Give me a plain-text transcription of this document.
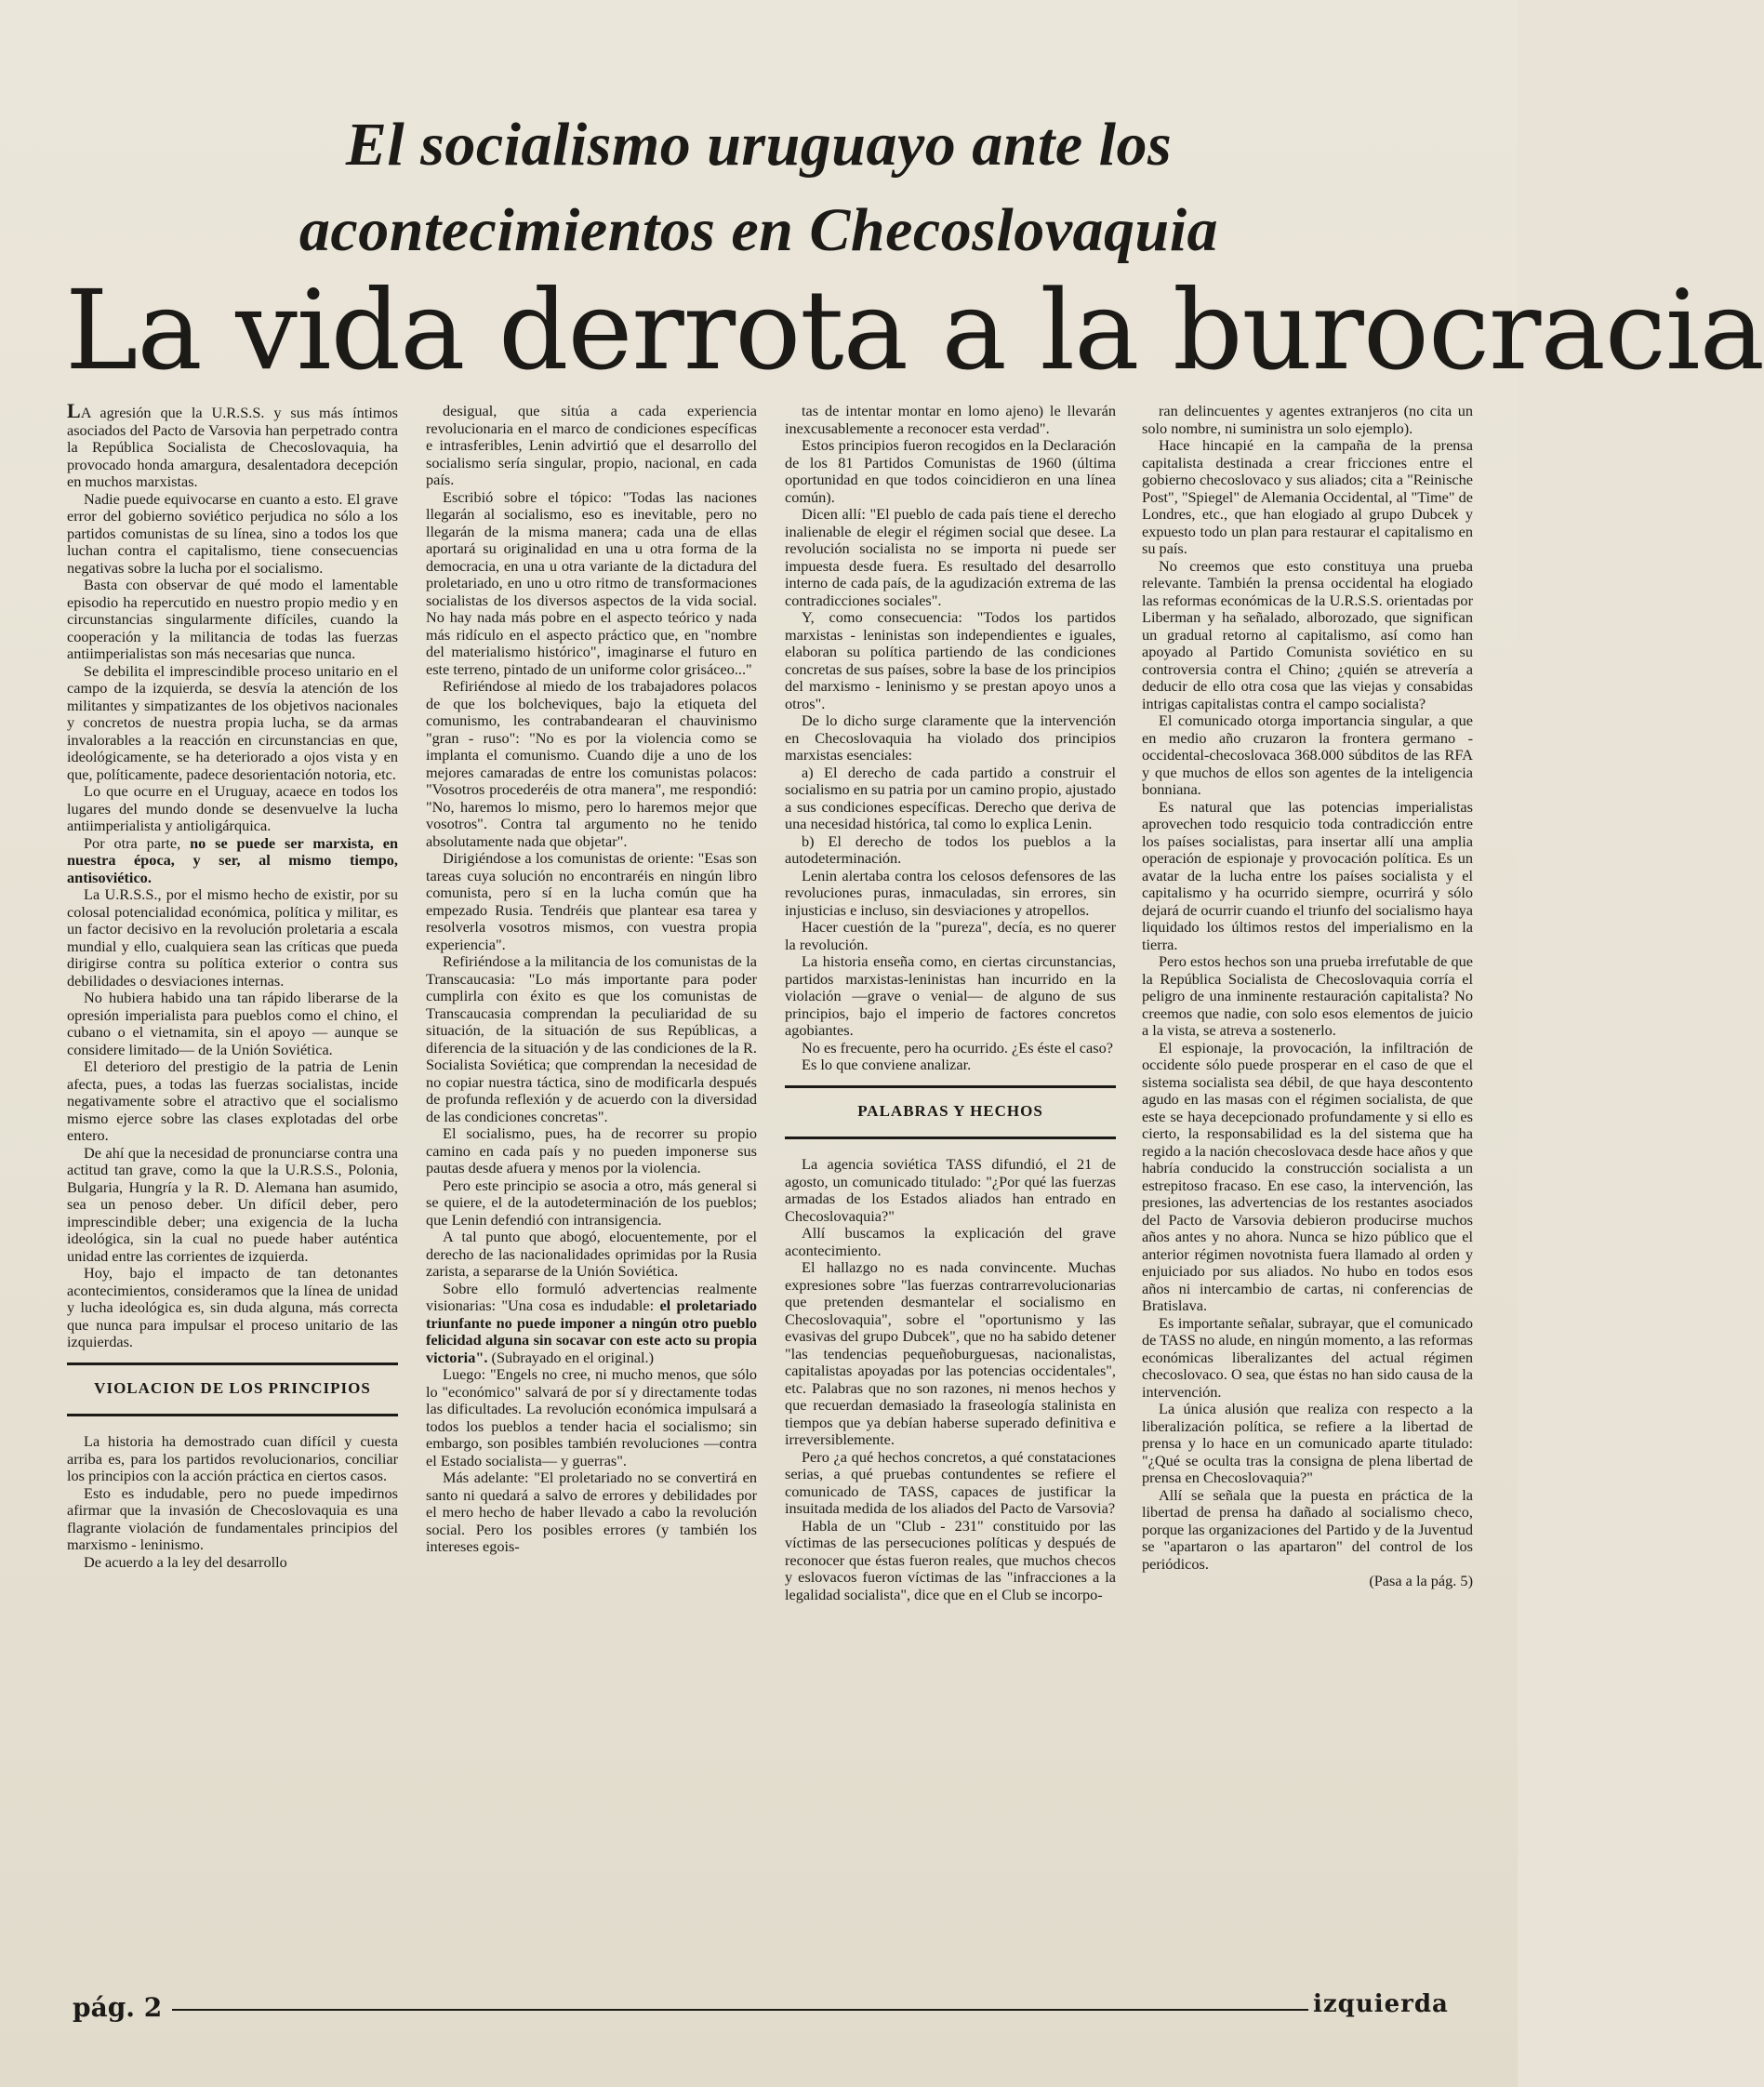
El socialismo uruguayo ante los
acontecimientos en Checoslovaquia
La vida derrota a la burocracia

LA agresión que la U.R.S.S. y sus más íntimos asociados del Pacto de Varsovia han perpetrado contra la República Socialista de Checoslovaquia, ha provocado honda amargura, desalentadora decepción en muchos marxistas.

Nadie puede equivocarse en cuanto a esto. El grave error del gobierno soviético perjudica no sólo a los partidos comunistas de su línea, sino a todos los que luchan contra el capitalismo, tiene consecuencias negativas sobre la lucha por el socialismo.

Basta con observar de qué modo el lamentable episodio ha repercutido en nuestro propio medio y en circunstancias singularmente difíciles, cuando la cooperación y la militancia de todas las fuerzas antiimperialistas son más necesarias que nunca.

Se debilita el imprescindible proceso unitario en el campo de la izquierda, se desvía la atención de los militantes y simpatizantes de los objetivos nacionales y concretos de nuestra propia lucha, se da armas invalorables a la reacción en circunstancias en que, ideológicamente, se ha deteriorado a ojos vista y en que, políticamente, padece desorientación notoria, etc.

Lo que ocurre en el Uruguay, acaece en todos los lugares del mundo donde se desenvuelve la lucha antiimperialista y antioligárquica.

Por otra parte, no se puede ser marxista, en nuestra época, y ser, al mismo tiempo, antisoviético.

La U.R.S.S., por el mismo hecho de existir, por su colosal potencialidad económica, política y militar, es un factor decisivo en la revolución proletaria a escala mundial y ello, cualquiera sean las críticas que pueda dirigirse contra su política exterior o contra sus debilidades o desviaciones internas.

No hubiera habido una tan rápido liberarse de la opresión imperialista para pueblos como el chino, el cubano o el vietnamita, sin el apoyo — aunque se considere limitado— de la Unión Soviética.

El deterioro del prestigio de la patria de Lenin afecta, pues, a todas las fuerzas socialistas, incide negativamente sobre el atractivo que el socialismo mismo ejerce sobre las clases explotadas del orbe entero.

De ahí que la necesidad de pronunciarse contra una actitud tan grave, como la que la U.R.S.S., Polonia, Bulgaria, Hungría y la R. D. Alemana han asumido, sea un penoso deber. Un difícil deber, pero imprescindible deber; una exigencia de la lucha ideológica, sin la cual no puede haber auténtica unidad entre las corrientes de izquierda.

Hoy, bajo el impacto de tan detonantes acontecimientos, consideramos que la línea de unidad y lucha ideológica es, sin duda alguna, más correcta que nunca para impulsar el proceso unitario de las izquierdas.

VIOLACION DE LOS PRINCIPIOS

La historia ha demostrado cuan difícil y cuesta arriba es, para los partidos revolucionarios, conciliar los principios con la acción práctica en ciertos casos.

Esto es indudable, pero no puede impedirnos afirmar que la invasión de Checoslovaquia es una flagrante violación de fundamentales principios del marxismo - leninismo.

De acuerdo a la ley del desarrollo

desigual, que sitúa a cada experiencia revolucionaria en el marco de condiciones específicas e intrasferibles, Lenin advirtió que el desarrollo del socialismo sería singular, propio, nacional, en cada país.

Escribió sobre el tópico: "Todas las naciones llegarán al socialismo, eso es inevitable, pero no llegarán de la misma manera; cada una de ellas aportará su originalidad en una u otra forma de la democracia, en una u otra variante de la dictadura del proletariado, en uno u otro ritmo de transformaciones socialistas de los diversos aspectos de la vida social. No hay nada más pobre en el aspecto teórico y nada más ridículo en el aspecto práctico que, en "nombre del materialismo histórico", imaginarse el futuro en este terreno, pintado de un uniforme color grisáceo..."

Refiriéndose al miedo de los trabajadores polacos de que los bolcheviques, bajo la etiqueta del comunismo, les contrabandearan el chauvinismo "gran - ruso": "No es por la violencia como se implanta el comunismo. Cuando dije a uno de los mejores camaradas de entre los comunistas polacos: "Vosotros procederéis de otra manera", me respondió: "No, haremos lo mismo, pero lo haremos mejor que vosotros". Contra tal argumento no he tenido absolutamente nada que objetar".

Dirigiéndose a los comunistas de oriente: "Esas son tareas cuya solución no encontraréis en ningún libro comunista, pero sí en la lucha común que ha empezado Rusia. Tendréis que plantear esa tarea y resolverla vosotros mismos, con vuestra propia experiencia".

Refiriéndose a la militancia de los comunistas de la Transcaucasia: "Lo más importante para poder cumplirla con éxito es que los comunistas de Transcaucasia comprendan la peculiaridad de su situación, de la situación de sus Repúblicas, a diferencia de la situación y de las condiciones de la R. Socialista Soviética; que comprendan la necesidad de no copiar nuestra táctica, sino de modificarla después de profunda reflexión y de acuerdo con la diversidad de las condiciones concretas".

El socialismo, pues, ha de recorrer su propio camino en cada país y no pueden imponerse sus pautas desde afuera y menos por la violencia.

Pero este principio se asocia a otro, más general si se quiere, el de la autodeterminación de los pueblos; que Lenin defendió con intransigencia.

A tal punto que abogó, elocuentemente, por el derecho de las nacionalidades oprimidas por la Rusia zarista, a separarse de la Unión Soviética.

Sobre ello formuló advertencias realmente visionarias: "Una cosa es indudable: el proletariado triunfante no puede imponer a ningún otro pueblo felicidad alguna sin socavar con este acto su propia victoria". (Subrayado en el original.)

Luego: "Engels no cree, ni mucho menos, que sólo lo "económico" salvará de por sí y directamente todas las dificultades. La revolución económica impulsará a todos los pueblos a tender hacia el socialismo; sin embargo, son posibles también revoluciones —contra el Estado socialista— y guerras".

Más adelante: "El proletariado no se convertirá en santo ni quedará a salvo de errores y debilidades por el mero hecho de haber llevado a cabo la revolución social. Pero los posibles errores (y también los intereses egois-

tas de intentar montar en lomo ajeno) le llevarán inexcusablemente a reconocer esta verdad".

Estos principios fueron recogidos en la Declaración de los 81 Partidos Comunistas de 1960 (última oportunidad en que todos coincidieron en una línea común).

Dicen allí: "El pueblo de cada país tiene el derecho inalienable de elegir el régimen social que desee. La revolución socialista no se importa ni puede ser impuesta desde fuera. Es resultado del desarrollo interno de cada país, de la agudización extrema de las contradicciones sociales".

Y, como consecuencia: "Todos los partidos marxistas - leninistas son independientes e iguales, elaboran su política partiendo de las condiciones concretas de sus países, sobre la base de los principios del marxismo - leninismo y se prestan apoyo unos a otros".

De lo dicho surge claramente que la intervención en Checoslovaquia ha violado dos principios marxistas esenciales:

a) El derecho de cada partido a construir el socialismo en su patria por un camino propio, ajustado a sus condiciones específicas. Derecho que deriva de una necesidad histórica, tal como lo explica Lenin.

b) El derecho de todos los pueblos a la autodeterminación.

Lenin alertaba contra los celosos defensores de las revoluciones puras, inmaculadas, sin errores, sin injusticias e incluso, sin desviaciones y atropellos.

Hacer cuestión de la "pureza", decía, es no querer la revolución.

La historia enseña como, en ciertas circunstancias, partidos marxistas-leninistas han incurrido en la violación —grave o venial— de alguno de sus principios, bajo el imperio de factores concretos agobiantes.

No es frecuente, pero ha ocurrido. ¿Es éste el caso?

Es lo que conviene analizar.

PALABRAS Y HECHOS

La agencia soviética TASS difundió, el 21 de agosto, un comunicado titulado: "¿Por qué las fuerzas armadas de los Estados aliados han entrado en Checoslovaquia?"

Allí buscamos la explicación del grave acontecimiento.

El hallazgo no es nada convincente. Muchas expresiones sobre "las fuerzas contrarrevolucionarias que pretenden desmantelar el socialismo en Checoslovaquia", sobre el "oportunismo y las evasivas del grupo Dubcek", que no ha sabido detener "las tendencias pequeñoburguesas, nacionalistas, capitalistas apoyadas por las potencias occidentales", etc. Palabras que no son razones, ni menos hechos y que recuerdan demasiado la fraseología stalinista en tiempos que ya debían haberse superado definitiva e irreversiblemente.

Pero ¿a qué hechos concretos, a qué constataciones serias, a qué pruebas contundentes se refiere el comunicado de TASS, capaces de justificar la insuitada medida de los aliados del Pacto de Varsovia?

Habla de un "Club - 231" constituido por las víctimas de las persecuciones políticas y después de reconocer que éstas fueron reales, que muchos checos y eslovacos fueron víctimas de las "infracciones a la legalidad socialista", dice que en el Club se incorpo-

ran delincuentes y agentes extranjeros (no cita un solo nombre, ni suministra un solo ejemplo).

Hace hincapié en la campaña de la prensa capitalista destinada a crear fricciones entre el gobierno checoslovaco y sus aliados; cita a "Reinische Post", "Spiegel" de Alemania Occidental, al "Time" de Londres, etc., que han elogiado al grupo Dubcek y expuesto todo un plan para restaurar el capitalismo en su país.

No creemos que esto constituya una prueba relevante. También la prensa occidental ha elogiado las reformas económicas de la U.R.S.S. orientadas por Liberman y ha señalado, alborozado, que significan un gradual retorno al capitalismo, así como han apoyado al Partido Comunista soviético en su controversia contra el Chino; ¿quién se atrevería a deducir de ello otra cosa que las viejas y consabidas intrigas capitalistas contra el campo socialista?

El comunicado otorga importancia singular, a que en medio año cruzaron la frontera germano - occidental-checoslovaca 368.000 súbditos de las RFA y que muchos de ellos son agentes de la inteligencia bonniana.

Es natural que las potencias imperialistas aprovechen todo resquicio toda contradicción entre los países socialistas, para insertar allí una amplia operación de espionaje y provocación política. Es un avatar de la lucha entre los países socialista y el capitalismo y ha ocurrido siempre, ocurrirá y sólo dejará de ocurrir cuando el triunfo del socialismo haya liquidado los últimos restos del imperialismo en la tierra.

Pero estos hechos son una prueba irrefutable de que la República Socialista de Checoslovaquia corría el peligro de una inminente restauración capitalista? No creemos que nadie, con solo esos elementos de juicio a la vista, se atreva a sostenerlo.

El espionaje, la provocación, la infiltración de occidente sólo puede prosperar en el caso de que el sistema socialista sea débil, de que haya descontento agudo en las masas con el régimen socialista, de que este se haya decepcionado profundamente y si ello es cierto, la responsabilidad es la del sistema que ha regido a la nación checoslovaca desde hace años y que habría conducido la construcción socialista a un estrepitoso fracaso. En ese caso, la intervención, las presiones, las advertencias de los restantes asociados del Pacto de Varsovia debieron producirse muchos años antes y no ahora. Nunca se hizo público que el anterior régimen novotnista fuera llamado al orden y enjuiciado por sus aliados. No hubo en todos esos años ni intercambio de cartas, ni conferencias de Bratislava.

Es importante señalar, subrayar, que el comunicado de TASS no alude, en ningún momento, a las reformas económicas liberalizantes del actual régimen checoslovaco. O sea, que éstas no han sido causa de la intervención.

La única alusión que realiza con respecto a la liberalización política, se refiere a la libertad de prensa y lo hace en un comunicado aparte titulado: "¿Qué se oculta tras la consigna de plena libertad de prensa en Checoslovaquia?"

Allí se señala que la puesta en práctica de la libertad de prensa ha dañado al socialismo checo, porque las organizaciones del Partido y de la Juventud se "apartaron o las apartaron" del control de los periódicos.

(Pasa a la pág. 5)

pág. 2	izquierda
